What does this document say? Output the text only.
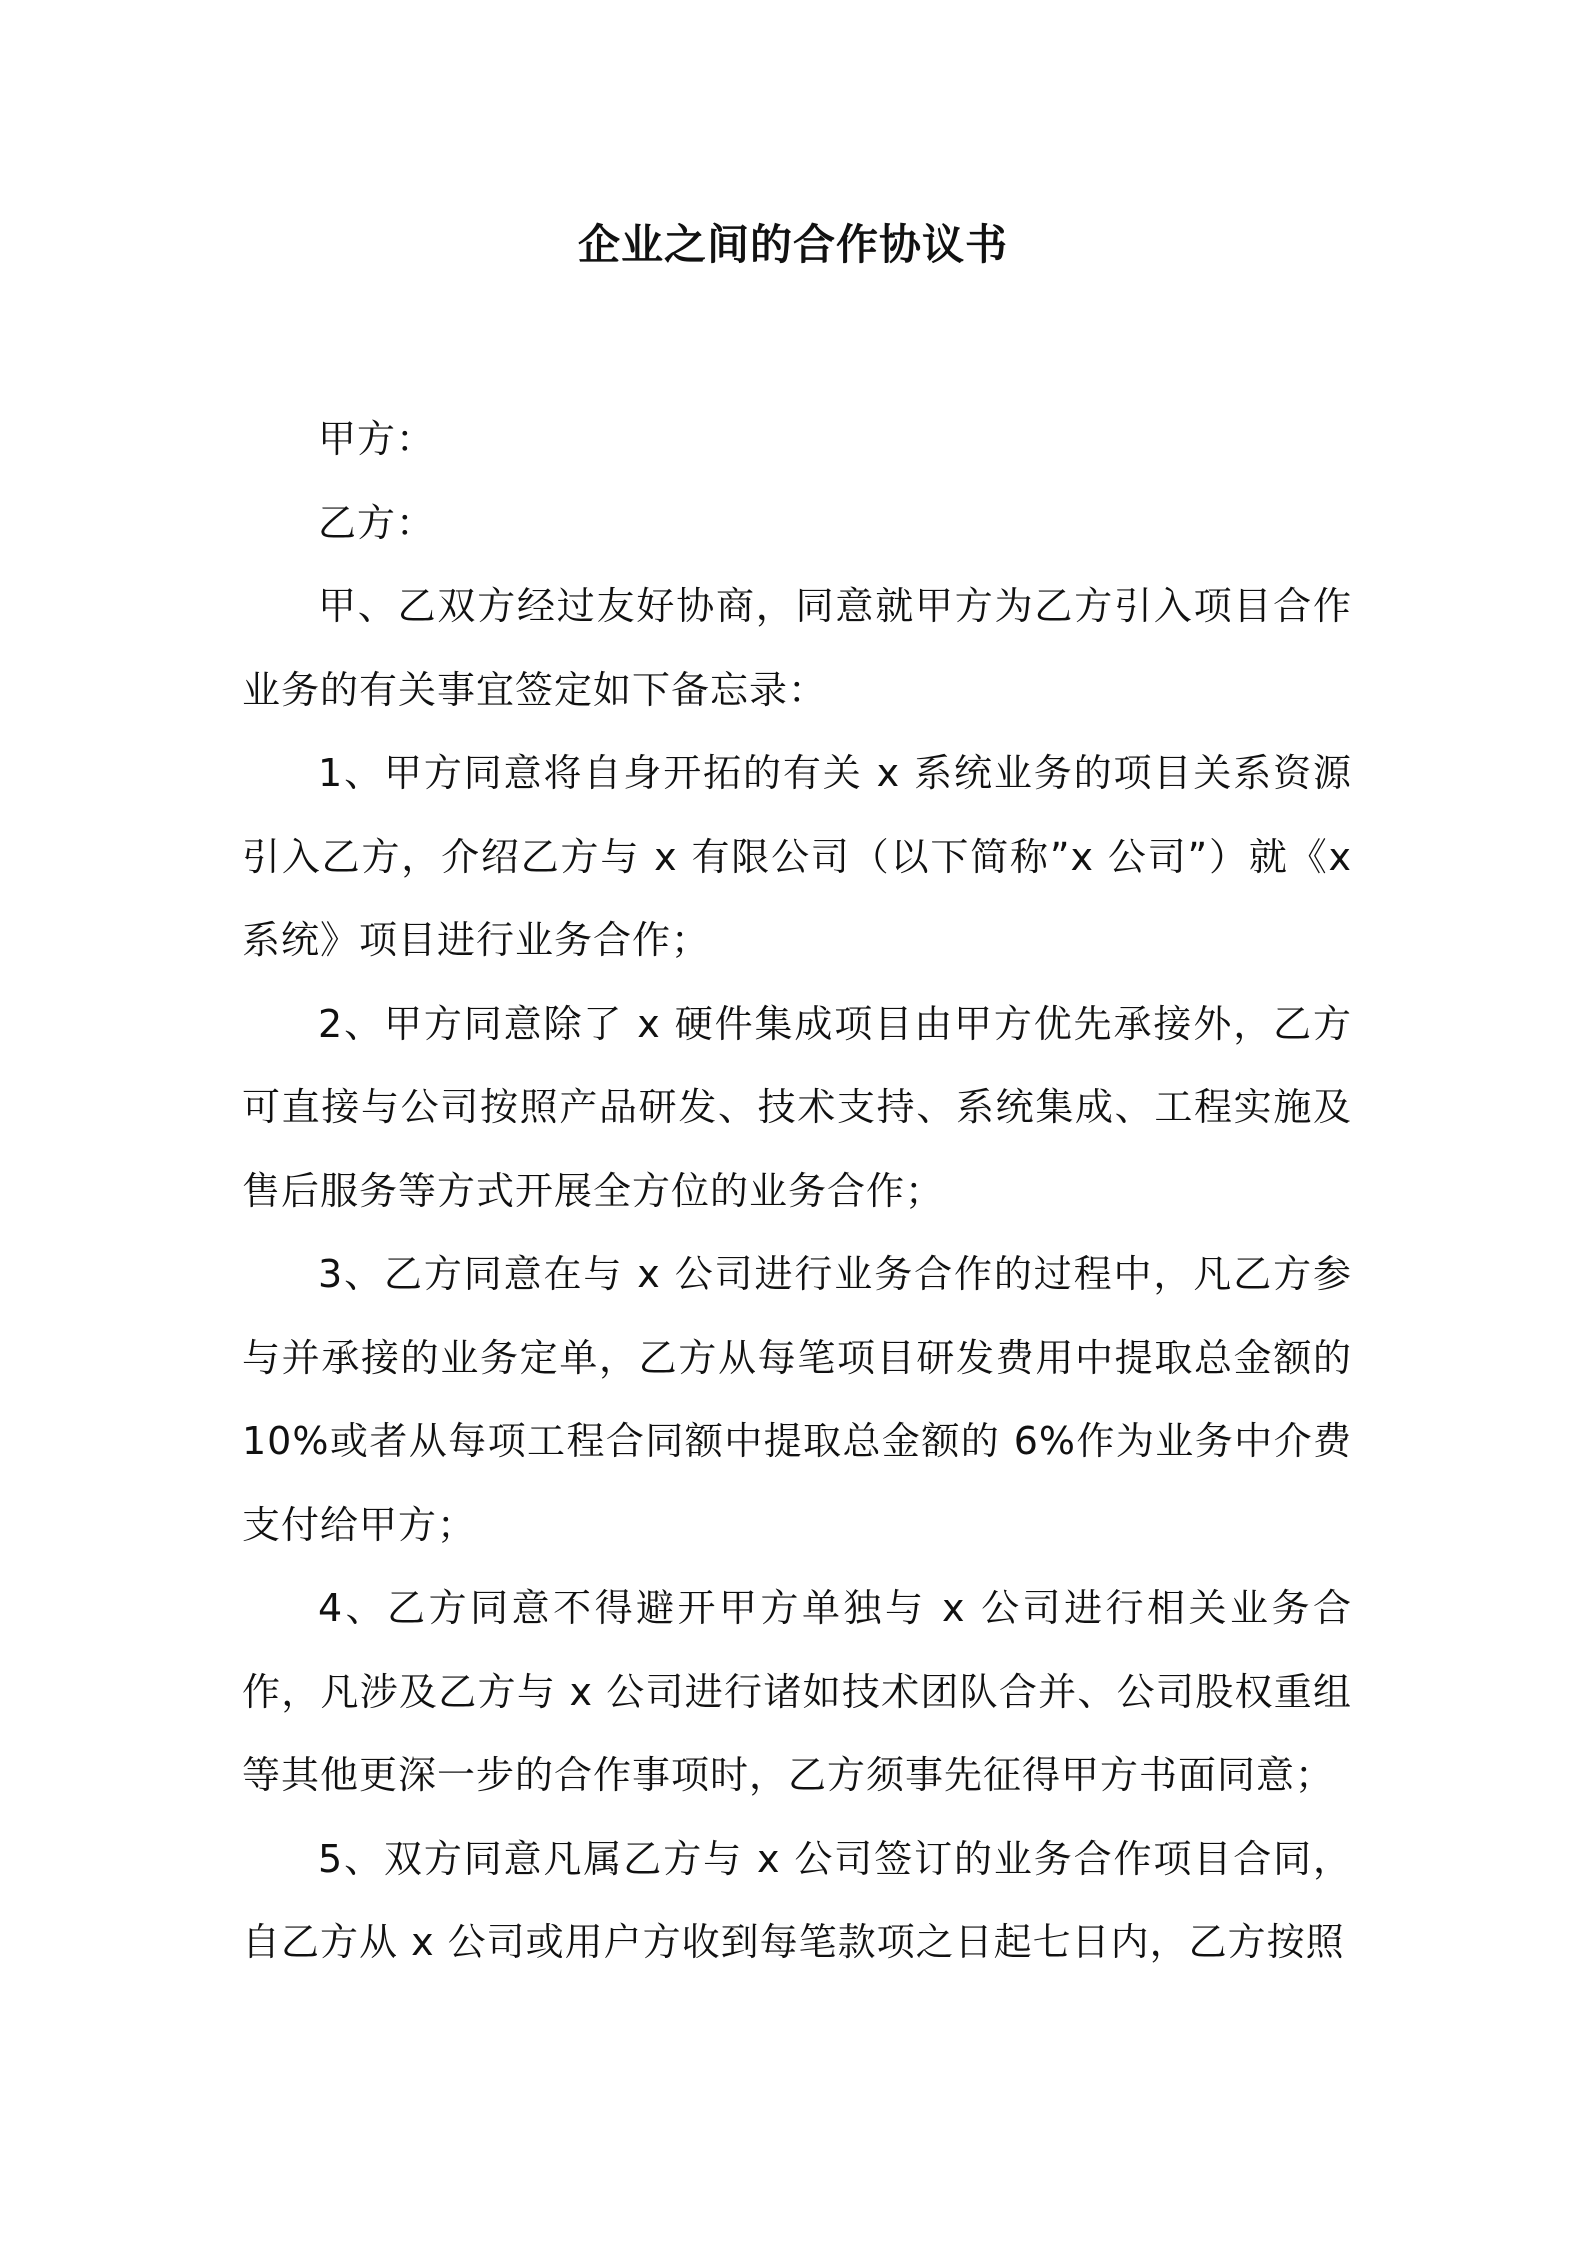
企业之间的合作协议书

甲方：

乙方：

甲、乙双方经过友好协商，同意就甲方为乙方引入项目合作业务的有关事宜签定如下备忘录：

1、甲方同意将自身开拓的有关 x 系统业务的项目关系资源引入乙方，介绍乙方与 x 有限公司（以下简称”x 公司”）就《x 系统》项目进行业务合作；

2、甲方同意除了 x 硬件集成项目由甲方优先承接外，乙方可直接与公司按照产品研发、技术支持、系统集成、工程实施及售后服务等方式开展全方位的业务合作；

3、乙方同意在与 x 公司进行业务合作的过程中，凡乙方参与并承接的业务定单，乙方从每笔项目研发费用中提取总金额的 10%或者从每项工程合同额中提取总金额的 6%作为业务中介费支付给甲方；

4、乙方同意不得避开甲方单独与 x 公司进行相关业务合作，凡涉及乙方与 x 公司进行诸如技术团队合并、公司股权重组等其他更深一步的合作事项时，乙方须事先征得甲方书面同意；

5、双方同意凡属乙方与 x 公司签订的业务合作项目合同，自乙方从 x 公司或用户方收到每笔款项之日起七日内，乙方按照
